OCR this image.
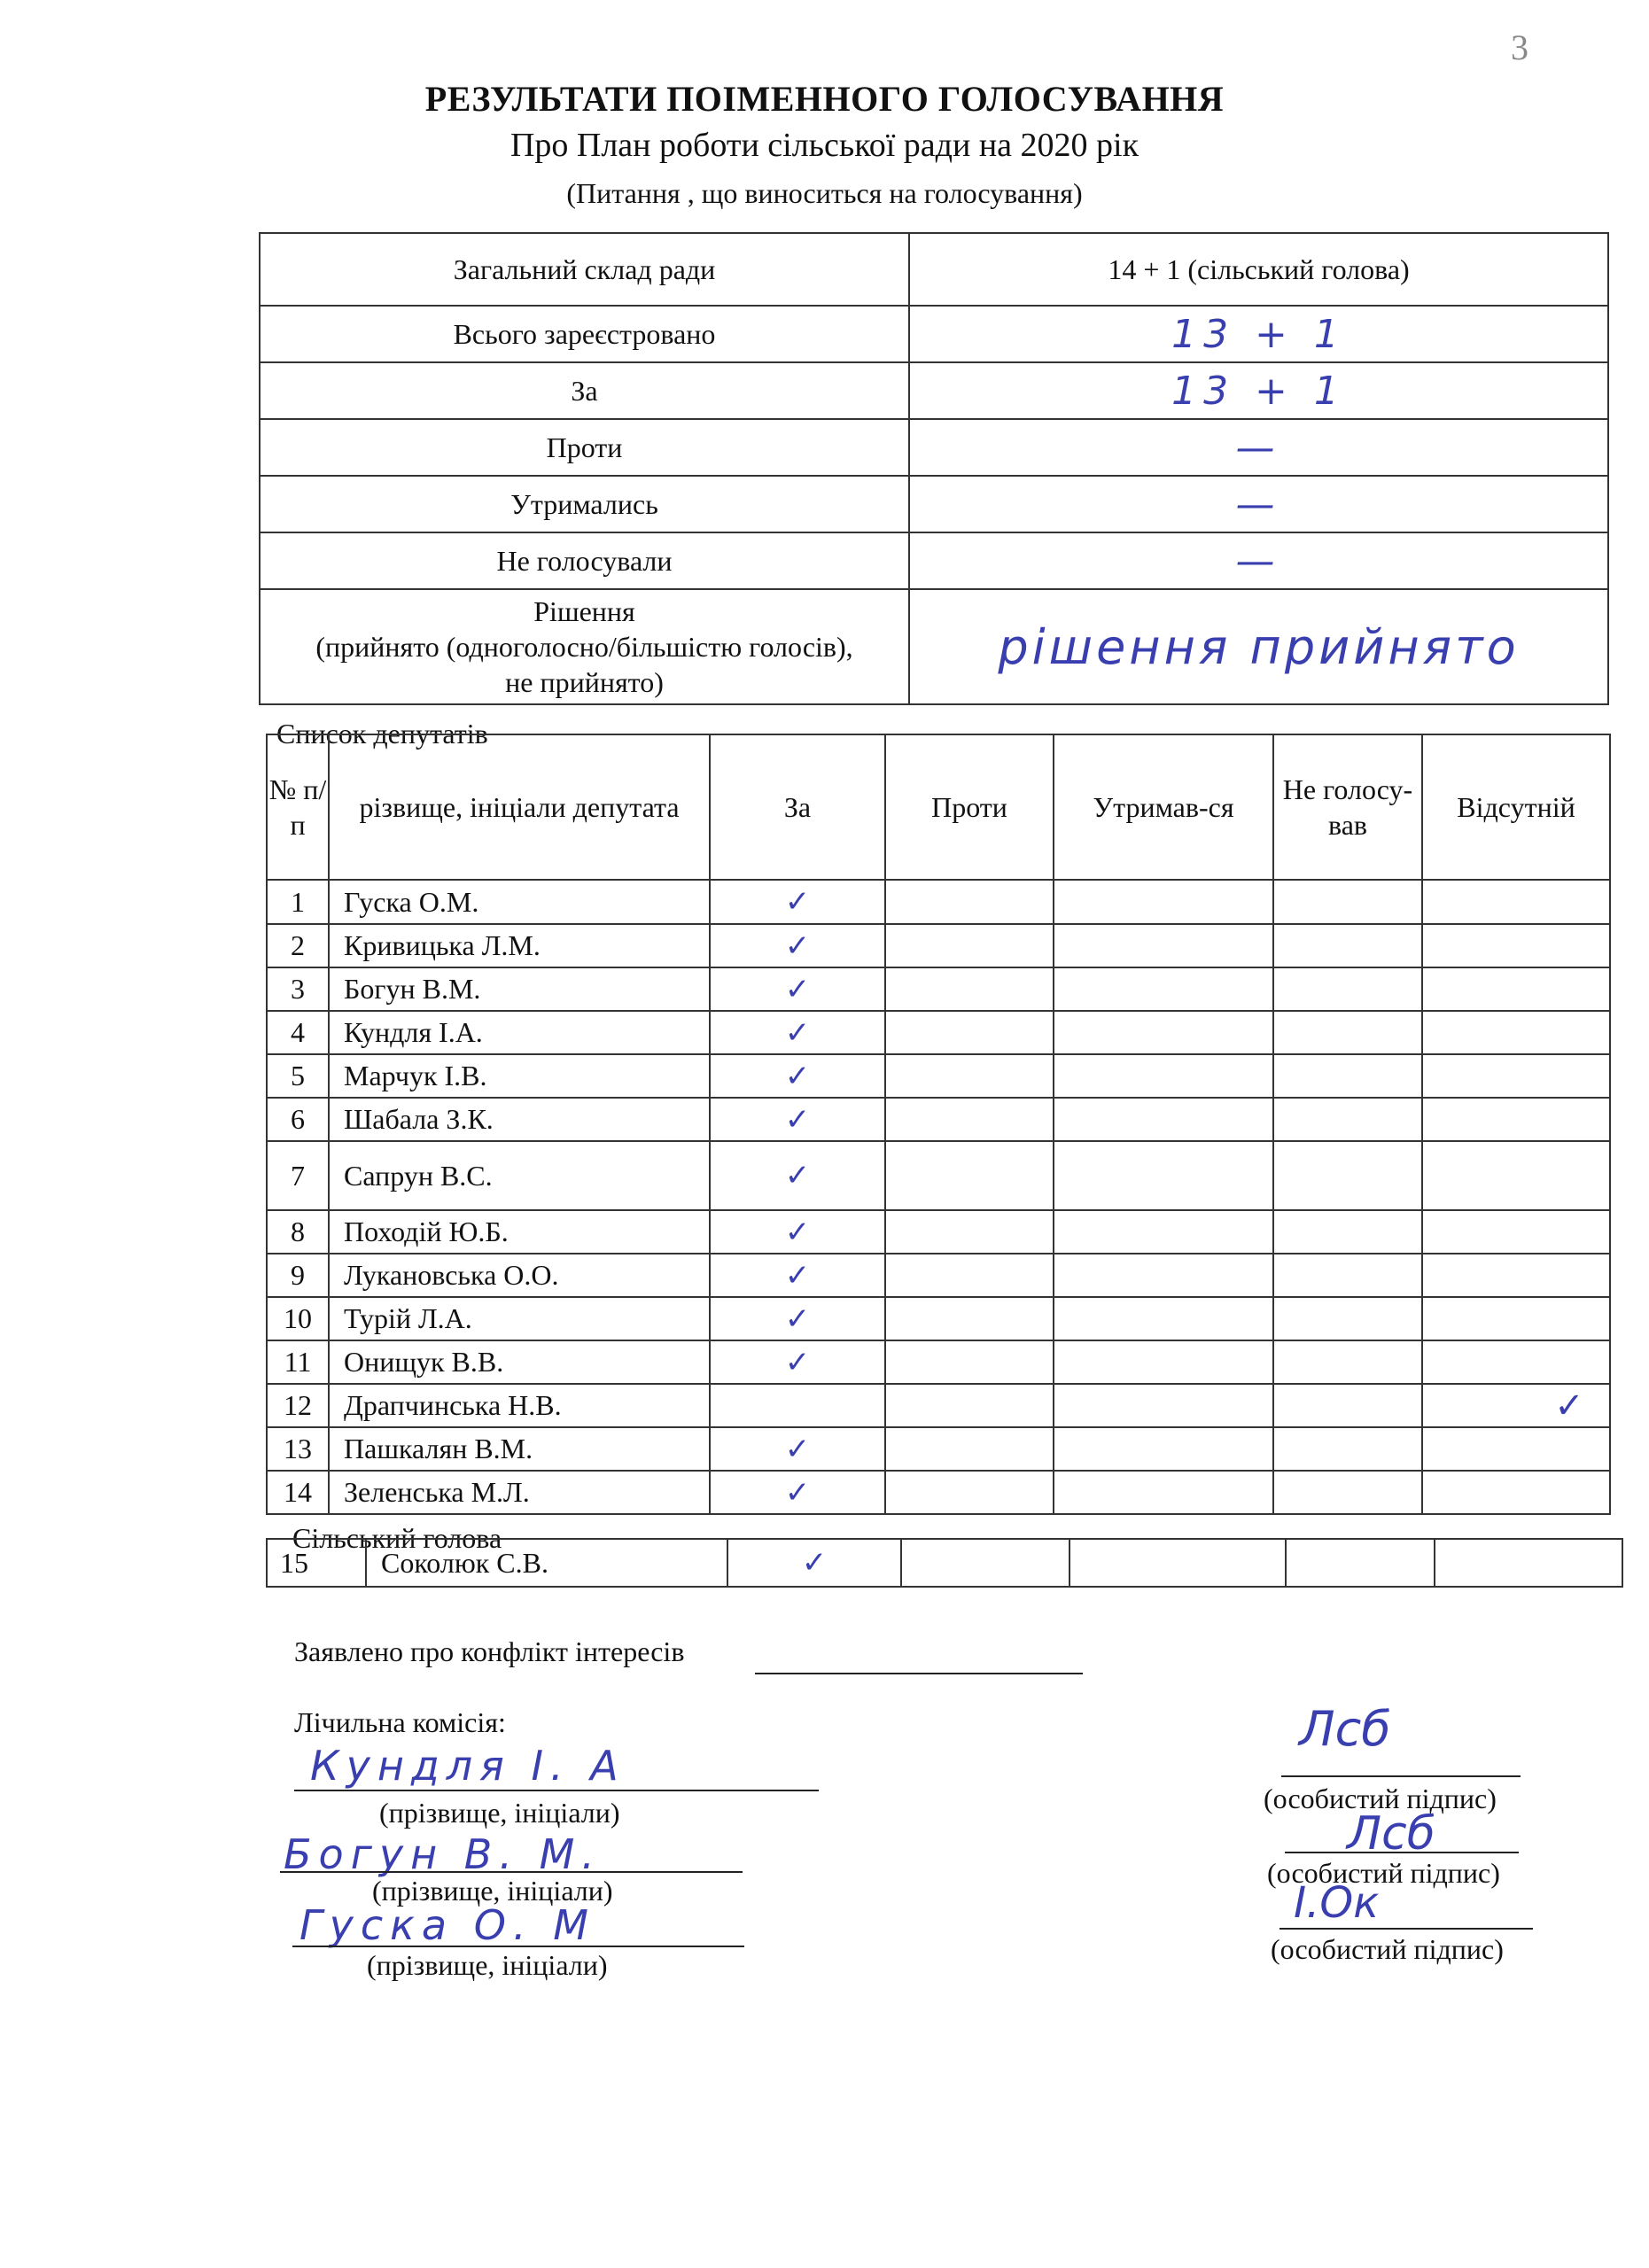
3
РЕЗУЛЬТАТИ ПОІМЕННОГО ГОЛОСУВАННЯ
Про План роботи сільської ради на 2020 рік
(Питання , що виноситься на голосування)
Загальний склад ради	14 + 1 (сільський голова)
Всього зареєстровано	13 + 1
За	13 + 1
Проти	—
Утримались	—
Не голосували	—

Рішення
(прийнято (одноголосно/більшістю голосів),
не прийнято)	рішення прийнято
Список депутатів
№ п/п	різвище, ініціали депутата	За	Проти	Утримав-ся	Не голосу-вав	Відсутній
1	Гуска О.М.	✓				
2	Кривицька Л.М.	✓				
3	Богун В.М.	✓				
4	Кундля І.А.	✓				
5	Марчук І.В.	✓				
6	Шабала З.К.	✓				
7	Сапрун В.С.	✓				
8	Походій Ю.Б.	✓				
9	Лукановська О.О.	✓				
10	Турій Л.А.	✓				
11	Онищук В.В.	✓				
12	Драпчинська Н.В.					✓
13	Пашкалян В.М.	✓				
14	Зеленська М.Л.	✓				
Сільський голова
15	Соколюк С.В.	✓				
Заявлено про конфлікт інтересів
Лічильна комісія:
Кундля І. А
(прізвище, ініціали)
Лсб
(особистий підпис)
Богун В. М.
(прізвище, ініціали)
Лсб
(особистий підпис)
Гуска О. М
(прізвище, ініціали)
І.Ок
(особистий підпис)
